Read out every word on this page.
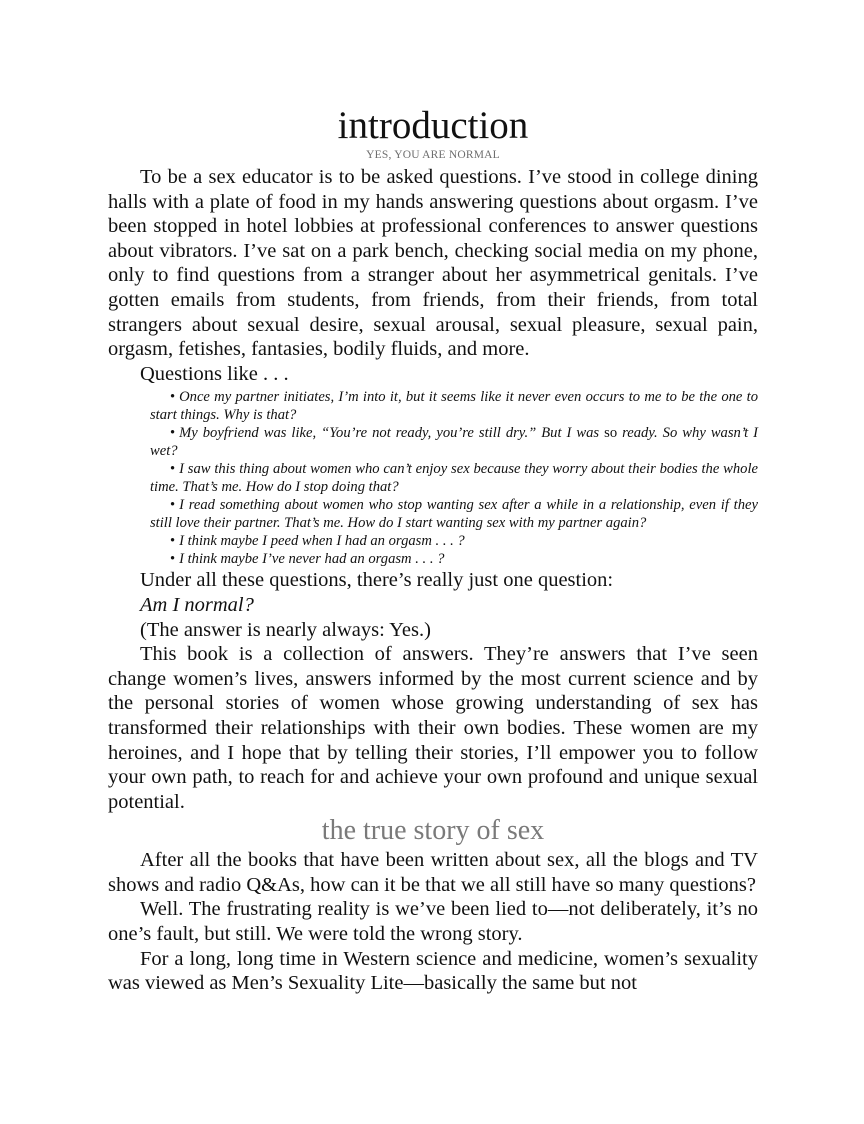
introduction
YES, YOU ARE NORMAL

To be a sex educator is to be asked questions. I’ve stood in college dining halls with a plate of food in my hands answering questions about orgasm. I’ve been stopped in hotel lobbies at professional conferences to answer questions about vibrators. I’ve sat on a park bench, checking social media on my phone, only to find questions from a stranger about her asymmetrical genitals. I’ve gotten emails from students, from friends, from their friends, from total strangers about sexual desire, sexual arousal, sexual pleasure, sexual pain, orgasm, fetishes, fantasies, bodily fluids, and more.

Questions like . . .

• Once my partner initiates, I’m into it, but it seems like it never even occurs to me to be the one to start things. Why is that?
• My boyfriend was like, “You’re not ready, you’re still dry.” But I was so ready. So why wasn’t I wet?
• I saw this thing about women who can’t enjoy sex because they worry about their bodies the whole time. That’s me. How do I stop doing that?
• I read something about women who stop wanting sex after a while in a relationship, even if they still love their partner. That’s me. How do I start wanting sex with my partner again?
• I think maybe I peed when I had an orgasm . . . ?
• I think maybe I’ve never had an orgasm . . . ?

Under all these questions, there’s really just one question:

Am I normal?

(The answer is nearly always: Yes.)

This book is a collection of answers. They’re answers that I’ve seen change women’s lives, answers informed by the most current science and by the personal stories of women whose growing understanding of sex has transformed their relationships with their own bodies. These women are my heroines, and I hope that by telling their stories, I’ll empower you to follow your own path, to reach for and achieve your own profound and unique sexual potential.

the true story of sex

After all the books that have been written about sex, all the blogs and TV shows and radio Q&As, how can it be that we all still have so many questions?

Well. The frustrating reality is we’ve been lied to—not deliberately, it’s no one’s fault, but still. We were told the wrong story.

For a long, long time in Western science and medicine, women’s sexuality was viewed as Men’s Sexuality Lite—basically the same but not
